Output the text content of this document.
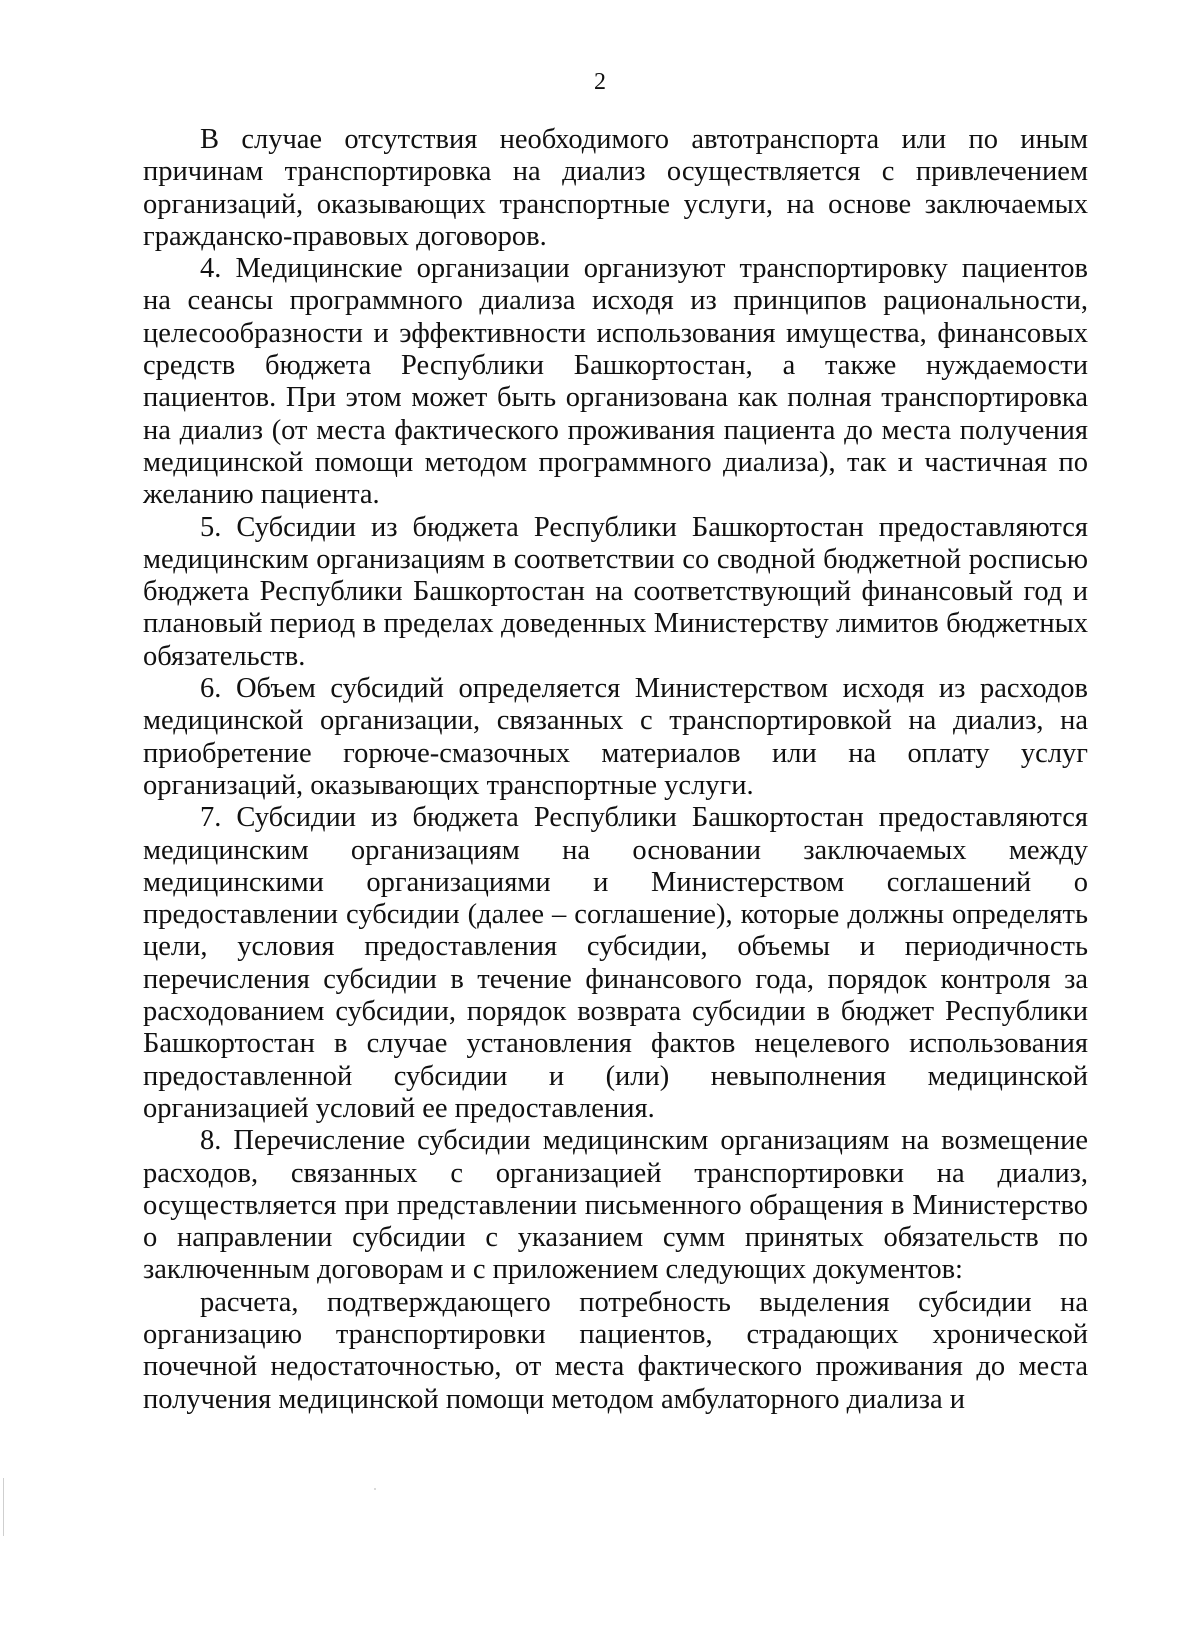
2

В случае отсутствия необходимого автотранспорта или по иным причинам транспортировка на диализ осуществляется с привлечением организаций, оказывающих транспортные услуги, на основе заключаемых гражданско-правовых договоров.

4. Медицинские организации организуют транспортировку пациентов на сеансы программного диализа исходя из принципов рациональности, целесообразности и эффективности использования имущества, финансовых средств бюджета Республики Башкортостан, а также нуждаемости пациентов. При этом может быть организована как полная транспортировка на диализ (от места фактического проживания пациента до места получения медицинской помощи методом программного диализа), так и частичная по желанию пациента.

5. Субсидии из бюджета Республики Башкортостан предоставляются медицинским организациям в соответствии со сводной бюджетной росписью бюджета Республики Башкортостан на соответствующий финансовый год и плановый период в пределах доведенных Министерству лимитов бюджетных обязательств.

6. Объем субсидий определяется Министерством исходя из расходов медицинской организации, связанных с транспортировкой на диализ, на приобретение горюче-смазочных материалов или на оплату услуг организаций, оказывающих транспортные услуги.

7. Субсидии из бюджета Республики Башкортостан предоставляются медицинским организациям на основании заключаемых между медицинскими организациями и Министерством соглашений о предоставлении субсидии (далее – соглашение), которые должны определять цели, условия предоставления субсидии, объемы и периодичность перечисления субсидии в течение финансового года, порядок контроля за расходованием субсидии, порядок возврата субсидии в бюджет Республики Башкортостан в случае установления фактов нецелевого использования предоставленной субсидии и (или) невыполнения медицинской организацией условий ее предоставления.

8. Перечисление субсидии медицинским организациям на возмещение расходов, связанных с организацией транспортировки на диализ, осуществляется при представлении письменного обращения в Министерство о направлении субсидии с указанием сумм принятых обязательств по заключенным договорам и с приложением следующих документов:

расчета, подтверждающего потребность выделения субсидии на организацию транспортировки пациентов, страдающих хронической почечной недостаточностью, от места фактического проживания до места получения медицинской помощи методом амбулаторного диализа и
